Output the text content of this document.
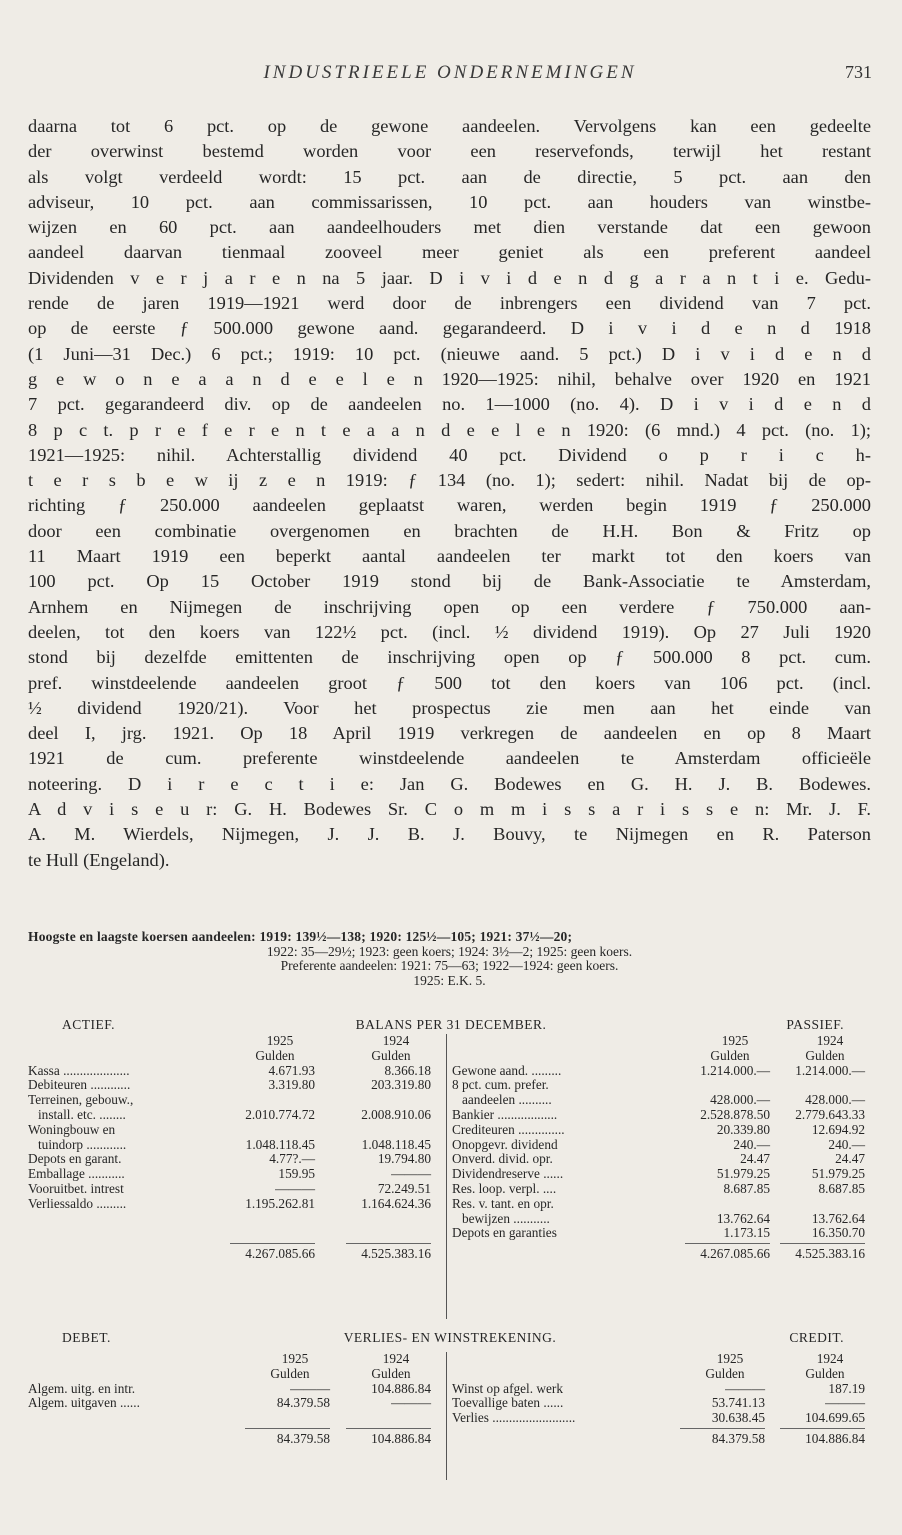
INDUSTRIEELE ONDERNEMINGEN	731
daarna tot 6 pct. op de gewone aandeelen. Vervolgens kan een gedeelte
der overwinst bestemd worden voor een reservefonds, terwijl het restant
als volgt verdeeld wordt: 15 pct. aan de directie, 5 pct. aan den
adviseur, 10 pct. aan commissarissen, 10 pct. aan houders van winstbe-
wijzen en 60 pct. aan aandeelhouders met dien verstande dat een gewoon
aandeel daarvan tienmaal zooveel meer geniet als een preferent aandeel
Dividenden v e r j a r e n na 5 jaar. D i v i d e n d g a r a n t i e. Gedu-
rende de jaren 1919—1921 werd door de inbrengers een dividend van 7 pct.
op de eerste ƒ 500.000 gewone aand. gegarandeerd. D i v i d e n d 1918
(1 Juni—31 Dec.) 6 pct.; 1919: 10 pct. (nieuwe aand. 5 pct.) D i v i d e n d
g e w o n e a a n d e e l e n 1920—1925: nihil, behalve over 1920 en 1921
7 pct. gegarandeerd div. op de aandeelen no. 1—1000 (no. 4). D i v i d e n d
8 p c t. p r e f e r e n t e a a n d e e l e n 1920: (6 mnd.) 4 pct. (no. 1);
1921—1925: nihil. Achterstallig dividend 40 pct. Dividend o p r i c h-
t e r s b e w ij z e n 1919: ƒ 134 (no. 1); sedert: nihil. Nadat bij de op-
richting ƒ 250.000 aandeelen geplaatst waren, werden begin 1919 ƒ 250.000
door een combinatie overgenomen en brachten de H.H. Bon & Fritz op
11 Maart 1919 een beperkt aantal aandeelen ter markt tot den koers van
100 pct. Op 15 October 1919 stond bij de Bank-Associatie te Amsterdam,
Arnhem en Nijmegen de inschrijving open op een verdere ƒ 750.000 aan-
deelen, tot den koers van 122½ pct. (incl. ½ dividend 1919). Op 27 Juli 1920
stond bij dezelfde emittenten de inschrijving open op ƒ 500.000 8 pct. cum.
pref. winstdeelende aandeelen groot ƒ 500 tot den koers van 106 pct. (incl.
½ dividend 1920/21). Voor het prospectus zie men aan het einde van
deel I, jrg. 1921. Op 18 April 1919 verkregen de aandeelen en op 8 Maart
1921 de cum. preferente winstdeelende aandeelen te Amsterdam officieële
noteering. D i r e c t i e: Jan G. Bodewes en G. H. J. B. Bodewes.
A d v i s e u r: G. H. Bodewes Sr. C o m m i s s a r i s s e n: Mr. J. F.
A. M. Wierdels, Nijmegen, J. J. B. J. Bouvy, te Nijmegen en R. Paterson
te Hull (Engeland).
Hoogste en laagste koersen aandeelen: 1919: 139½—138; 1920: 125½—105; 1921: 37½—20;
1922: 35—29½; 1923: geen koers; 1924: 3½—2; 1925: geen koers.
Preferente aandeelen: 1921: 75—63; 1922—1924: geen koers.
1925: E.K. 5.
ACTIEF.	BALANS PER 31 DECEMBER.	PASSIEF.
1925	1924
Gulden	Gulden
Kassa ....................	4.671.93	8.366.18
Debiteuren ............	3.319.80	203.319.80
Terreinen, gebouw.,
install. etc. ........	2.010.774.72	2.008.910.06
Woningbouw en
tuindorp ............	1.048.118.45	1.048.118.45
Depots en garant.	4.77?.—	19.794.80
Emballage ...........	159.95	———
Vooruitbet. intrest	———	72.249.51
Verliessaldo .........	1.195.262.81	1.164.624.36
4.267.085.66	4.525.383.16
1925	1924
Gulden	Gulden
Gewone aand. .........	1.214.000.—	1.214.000.—
8 pct. cum. prefer.
aandeelen ..........	428.000.—	428.000.—
Bankier ..................	2.528.878.50	2.779.643.33
Crediteuren ..............	20.339.80	12.694.92
Onopgevr. dividend	240.—	240.—
Onverd. divid. opr.	24.47	24.47
Dividendreserve ......	51.979.25	51.979.25
Res. loop. verpl. ....	8.687.85	8.687.85
Res. v. tant. en opr.
bewijzen ...........	13.762.64	13.762.64
Depots en garanties	1.173.15	16.350.70
4.267.085.66	4.525.383.16
DEBET.	VERLIES- EN WINSTREKENING.	CREDIT.
1925	1924
Gulden	Gulden
Algem. uitg. en intr.	———	104.886.84
Algem. uitgaven ......	84.379.58	———
84.379.58	104.886.84
1925	1924
Gulden	Gulden
Winst op afgel. werk	———	187.19
Toevallige baten ......	53.741.13	———
Verlies .........................	30.638.45	104.699.65
84.379.58	104.886.84
